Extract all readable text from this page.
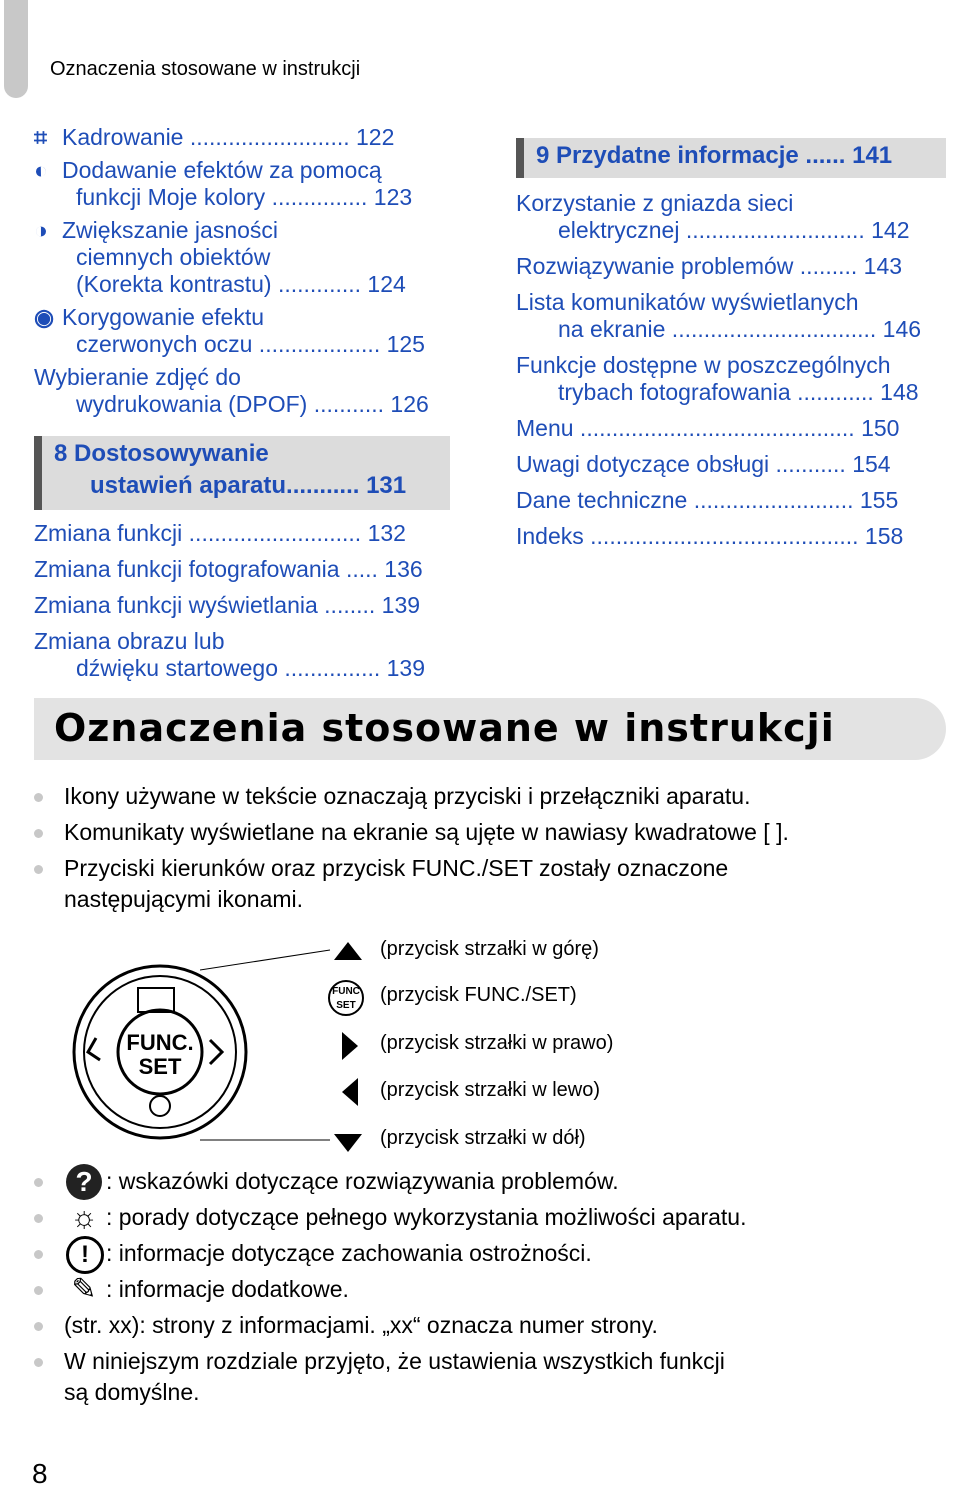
Oznaczenia stosowane w instrukcji
⌗ Kadrowanie ......................... 122
◐ Dodawanie efektów za pomocą
funkcji Moje kolory ............... 123
◑ Zwiększanie jasności
ciemnych obiektów
(Korekta kontrastu) ............. 124
◉ Korygowanie efektu
czerwonych oczu ................... 125
Wybieranie zdjęć do
wydrukowania (DPOF) ........... 126
8 Dostosowywanie
ustawień aparatu........... 131
Zmiana funkcji ........................... 132
Zmiana funkcji fotografowania ..... 136
Zmiana funkcji wyświetlania ........ 139
Zmiana obrazu lub
dźwięku startowego ............... 139
9 Przydatne informacje ...... 141
Korzystanie z gniazda sieci
elektrycznej ............................ 142
Rozwiązywanie problemów ......... 143
Lista komunikatów wyświetlanych
na ekranie ................................ 146
Funkcje dostępne w poszczególnych
trybach fotografowania ............ 148
Menu ........................................... 150
Uwagi dotyczące obsługi ........... 154
Dane techniczne ......................... 155
Indeks .......................................... 158
Oznaczenia stosowane w instrukcji
Ikony używane w tekście oznaczają przyciski i przełączniki aparatu.
Komunikaty wyświetlane na ekranie są ujęte w nawiasy kwadratowe [ ].
Przyciski kierunków oraz przycisk FUNC./SET zostały oznaczone
następującymi ikonami.
FUNC.
SET
FUNC SET
(przycisk strzałki w górę)
(przycisk FUNC./SET)
(przycisk strzałki w prawo)
(przycisk strzałki w lewo)
(przycisk strzałki w dół)
? : wskazówki dotyczące rozwiązywania problemów.
☼ : porady dotyczące pełnego wykorzystania możliwości aparatu.
! : informacje dotyczące zachowania ostrożności.
✎ : informacje dodatkowe.
(str. xx): strony z informacjami. „xx“ oznacza numer strony.
W niniejszym rozdziale przyjęto, że ustawienia wszystkich funkcji
są domyślne.
8
